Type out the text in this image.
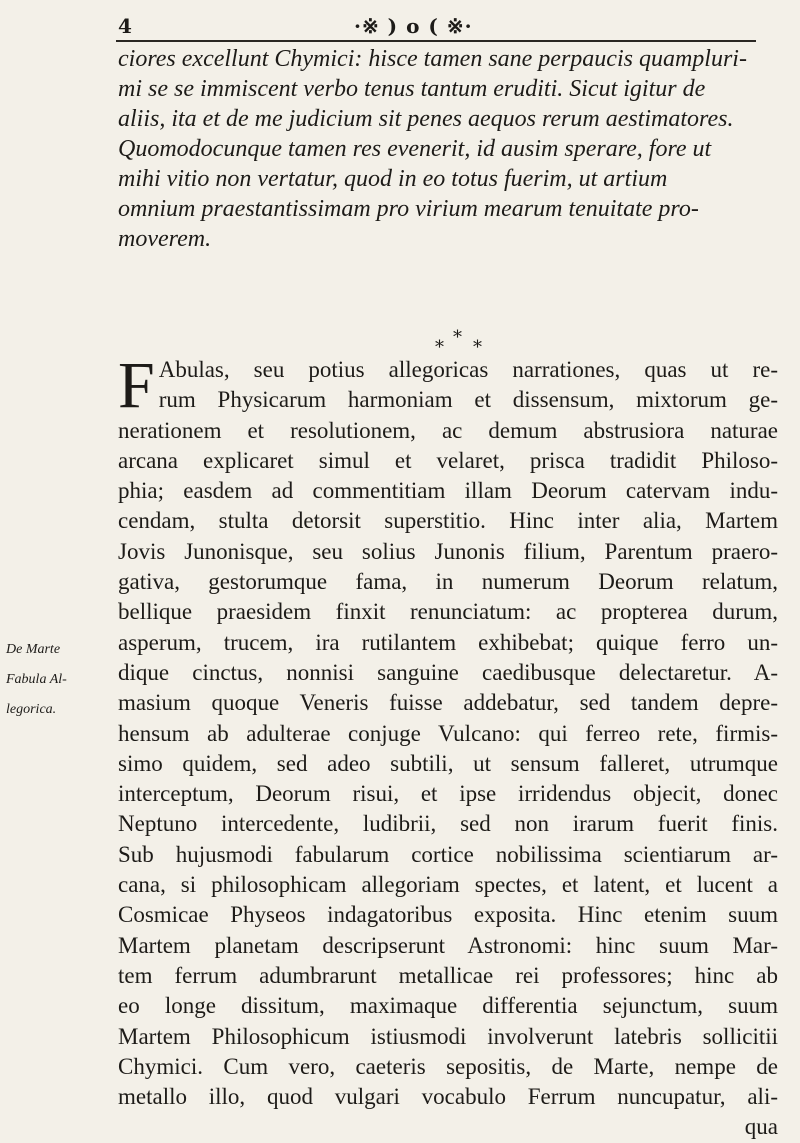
4	·※ ) o ( ※·
ciores excellunt Chymici: hisce tamen sane perpaucis quampluri-
mi se se immiscent verbo tenus tantum eruditi. Sicut igitur de
aliis, ita et de me judicium sit penes aequos rerum aestimatores.
Quomodocunque tamen res evenerit, id ausim sperare, fore ut
mihi vitio non vertatur, quod in eo totus fuerim, ut artium
omnium praestantissimam pro virium mearum tenuitate pro-
moverem.
* * *
De Marte
Fabula Al-
legorica.
F Abulas, seu potius allegoricas narrationes, quas ut re-
rum Physicarum harmoniam et dissensum, mixtorum ge-
nerationem et resolutionem, ac demum abstrusiora naturae
arcana explicaret simul et velaret, prisca tradidit Philoso-
phia; easdem ad commentitiam illam Deorum catervam indu-
cendam, stulta detorsit superstitio. Hinc inter alia, Martem
Jovis Junonisque, seu solius Junonis filium, Parentum praero-
gativa, gestorumque fama, in numerum Deorum relatum,
bellique praesidem finxit renunciatum: ac propterea durum,
asperum, trucem, ira rutilantem exhibebat; quique ferro un-
dique cinctus, nonnisi sanguine caedibusque delectaretur. A-
masium quoque Veneris fuisse addebatur, sed tandem depre-
hensum ab adulterae conjuge Vulcano: qui ferreo rete, firmis-
simo quidem, sed adeo subtili, ut sensum falleret, utrumque
interceptum, Deorum risui, et ipse irridendus objecit, donec
Neptuno intercedente, ludibrii, sed non irarum fuerit finis.
Sub hujusmodi fabularum cortice nobilissima scientiarum ar-
cana, si philosophicam allegoriam spectes, et latent, et lucent a
Cosmicae Physeos indagatoribus exposita. Hinc etenim suum
Martem planetam descripserunt Astronomi: hinc suum Mar-
tem ferrum adumbrarunt metallicae rei professores; hinc ab
eo longe dissitum, maximaque differentia sejunctum, suum
Martem Philosophicum istiusmodi involverunt latebris sollicitii
Chymici. Cum vero, caeteris sepositis, de Marte, nempe de
metallo illo, quod vulgari vocabulo Ferrum nuncupatur, ali-
qua
